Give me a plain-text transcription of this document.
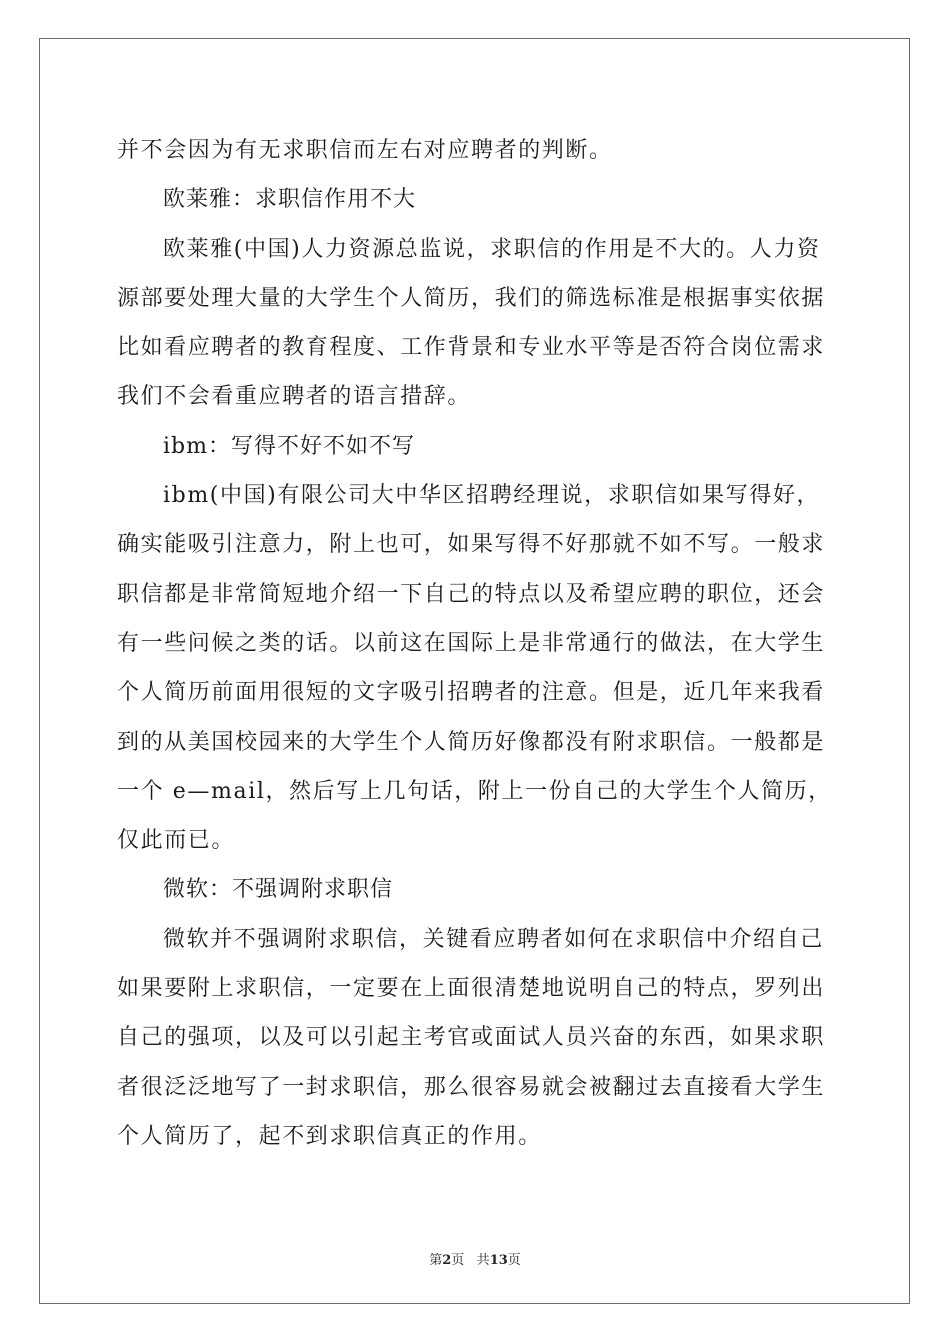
并不会因为有无求职信而左右对应聘者的判断。
欧莱雅：求职信作用不大
欧莱雅(中国)人力资源总监说，求职信的作用是不大的。人力资
源部要处理大量的大学生个人简历，我们的筛选标准是根据事实依据
比如看应聘者的教育程度、工作背景和专业水平等是否符合岗位需求
我们不会看重应聘者的语言措辞。
ibm：写得不好不如不写
ibm(中国)有限公司大中华区招聘经理说，求职信如果写得好，
确实能吸引注意力，附上也可，如果写得不好那就不如不写。一般求
职信都是非常简短地介绍一下自己的特点以及希望应聘的职位，还会
有一些问候之类的话。以前这在国际上是非常通行的做法，在大学生
个人简历前面用很短的文字吸引招聘者的注意。但是，近几年来我看
到的从美国校园来的大学生个人简历好像都没有附求职信。一般都是
一个 e—mail，然后写上几句话，附上一份自己的大学生个人简历，
仅此而已。
微软：不强调附求职信
微软并不强调附求职信，关键看应聘者如何在求职信中介绍自己
如果要附上求职信，一定要在上面很清楚地说明自己的特点，罗列出
自己的强项，以及可以引起主考官或面试人员兴奋的东西，如果求职
者很泛泛地写了一封求职信，那么很容易就会被翻过去直接看大学生
个人简历了，起不到求职信真正的作用。
第2页 共13页
